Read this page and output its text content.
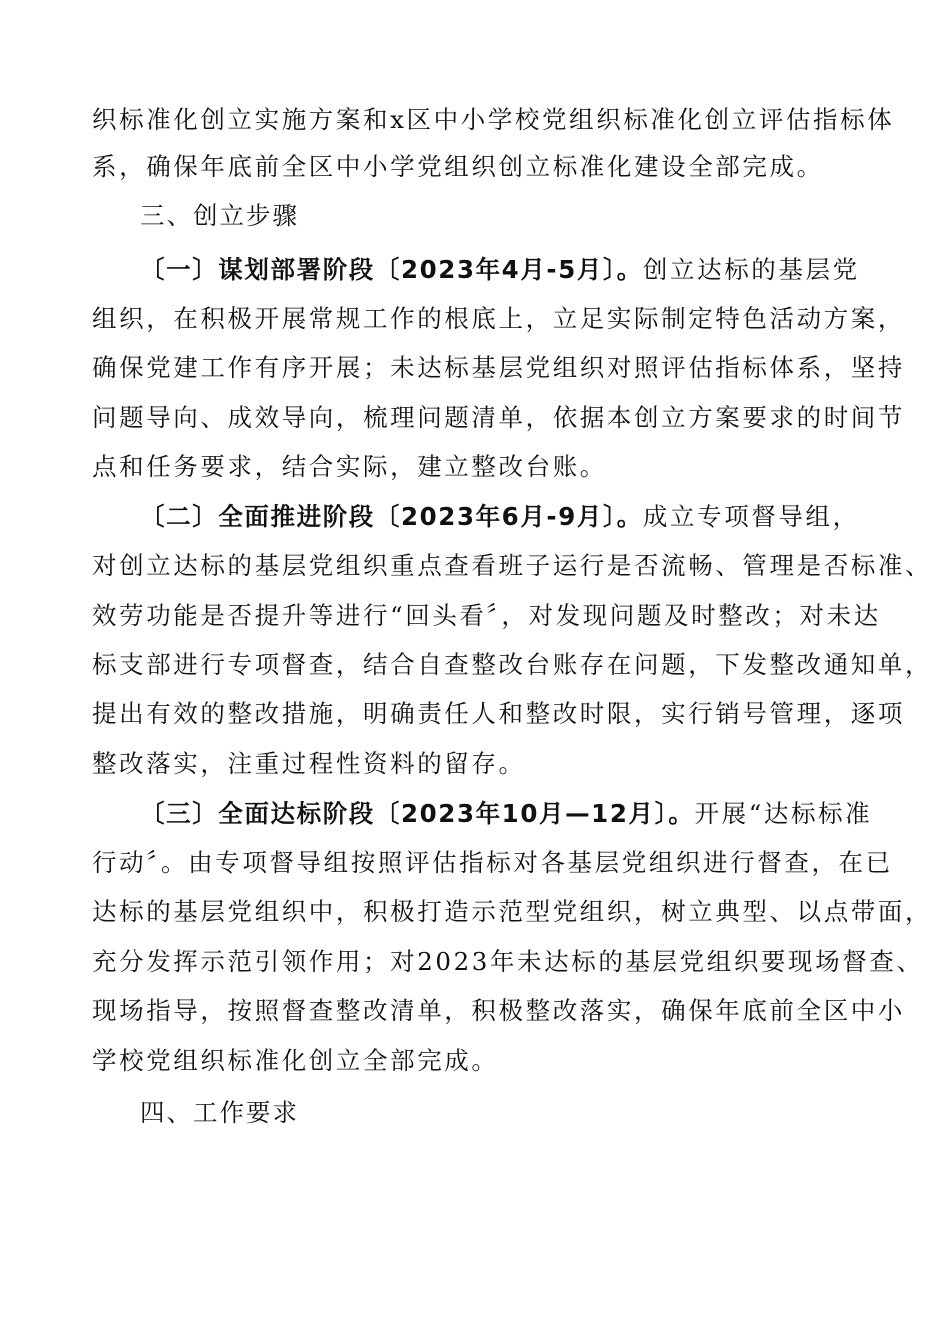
织标准化创立实施方案和x区中小学校党组织标准化创立评估指标体
系，确保年底前全区中小学党组织创立标准化建设全部完成。
三、创立步骤
〔一〕谋划部署阶段〔2023年4月-5月〕。创立达标的基层党
组织，在积极开展常规工作的根底上，立足实际制定特色活动方案，
确保党建工作有序开展；未达标基层党组织对照评估指标体系，坚持
问题导向、成效导向，梳理问题清单，依据本创立方案要求的时间节
点和任务要求，结合实际，建立整改台账。
〔二〕全面推进阶段〔2023年6月-9月〕。成立专项督导组，
对创立达标的基层党组织重点查看班子运行是否流畅、管理是否标准、
效劳功能是否提升等进行“回头看〞，对发现问题及时整改；对未达
标支部进行专项督查，结合自查整改台账存在问题，下发整改通知单，
提出有效的整改措施，明确责任人和整改时限，实行销号管理，逐项
整改落实，注重过程性资料的留存。
〔三〕全面达标阶段〔2023年10月—12月〕。开展“达标标准
行动〞。由专项督导组按照评估指标对各基层党组织进行督查，在已
达标的基层党组织中，积极打造示范型党组织，树立典型、以点带面，
充分发挥示范引领作用；对2023年未达标的基层党组织要现场督查、
现场指导，按照督查整改清单，积极整改落实，确保年底前全区中小
学校党组织标准化创立全部完成。
四、工作要求
